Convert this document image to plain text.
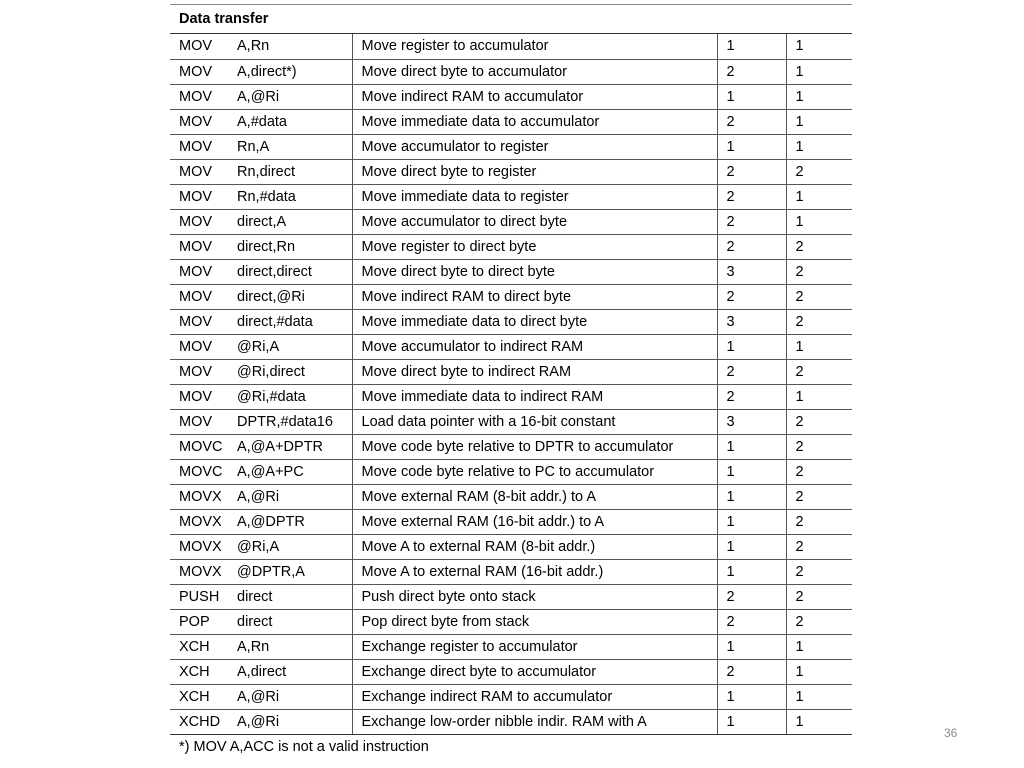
Data transfer
MOV A,Rn	Move register to accumulator	1	1
MOV A,direct*)	Move direct byte to accumulator	2	1
MOV A,@Ri	Move indirect RAM to accumulator	1	1
MOV A,#data	Move immediate data to accumulator	2	1
MOV Rn,A	Move accumulator to register	1	1
MOV Rn,direct	Move direct byte to register	2	2
MOV Rn,#data	Move immediate data to register	2	1
MOV direct,A	Move accumulator to direct byte	2	1
MOV direct,Rn	Move register to direct byte	2	2
MOV direct,direct	Move direct byte to direct byte	3	2
MOV direct,@Ri	Move indirect RAM to direct byte	2	2
MOV direct,#data	Move immediate data to direct byte	3	2
MOV @Ri,A	Move accumulator to indirect RAM	1	1
MOV @Ri,direct	Move direct byte to indirect RAM	2	2
MOV @Ri,#data	Move immediate data to indirect RAM	2	1
MOV DPTR,#data16	Load data pointer with a 16-bit constant	3	2
MOVC A,@A+DPTR	Move code byte relative to DPTR to accumulator	1	2
MOVC A,@A+PC	Move code byte relative to PC to accumulator	1	2
MOVX A,@Ri	Move external RAM (8-bit addr.) to A	1	2
MOVX A,@DPTR	Move external RAM (16-bit addr.) to A	1	2
MOVX @Ri,A	Move A to external RAM (8-bit addr.)	1	2
MOVX @DPTR,A	Move A to external RAM (16-bit addr.)	1	2
PUSH direct	Push direct byte onto stack	2	2
POP direct	Pop direct byte from stack	2	2
XCH A,Rn	Exchange register to accumulator	1	1
XCH A,direct	Exchange direct byte to accumulator	2	1
XCH A,@Ri	Exchange indirect RAM to accumulator	1	1
XCHD A,@Ri	Exchange low-order nibble indir. RAM with A	1	1
*) MOV A,ACC is not a valid instruction
36
